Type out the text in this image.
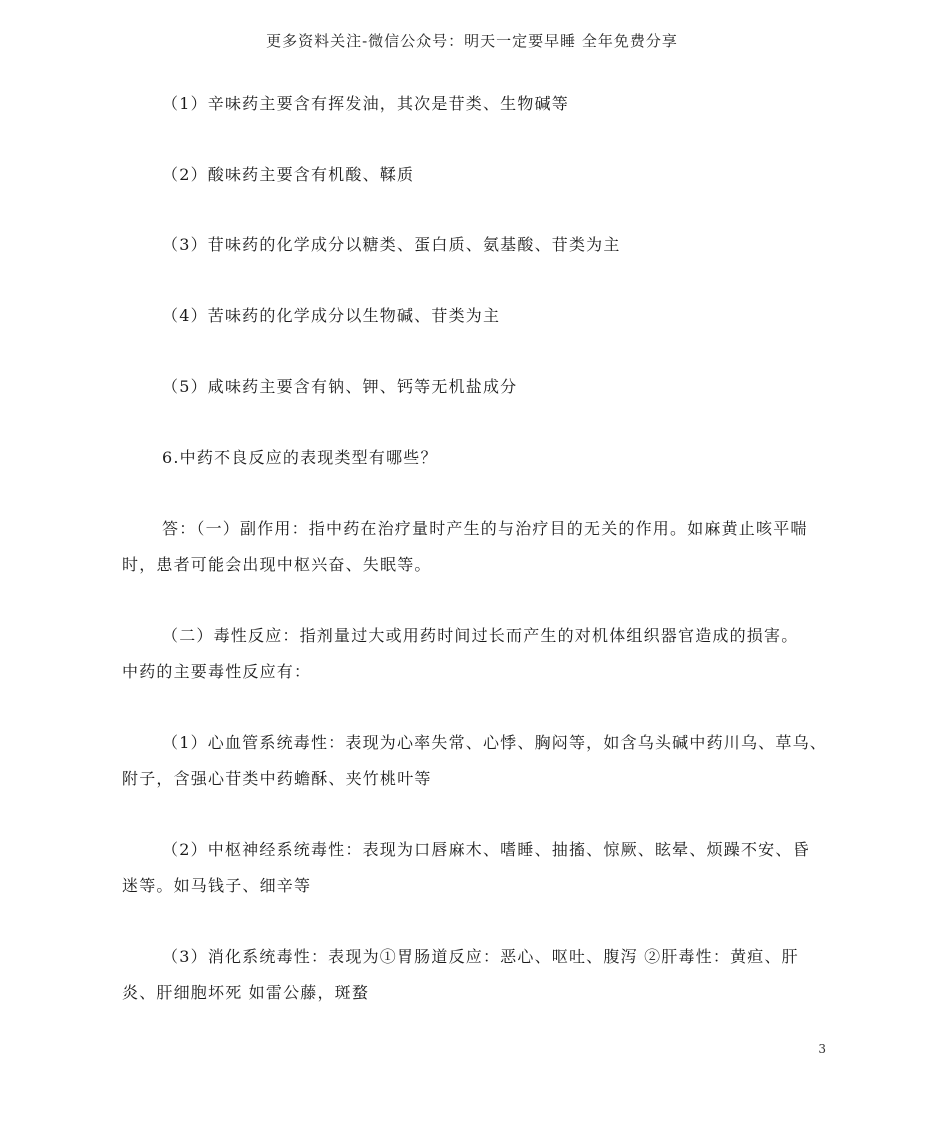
更多资料关注-微信公众号：明天一定要早睡 全年免费分享
（1）辛味药主要含有挥发油，其次是苷类、生物碱等
（2）酸味药主要含有机酸、鞣质
（3）苷味药的化学成分以糖类、蛋白质、氨基酸、苷类为主
（4）苦味药的化学成分以生物碱、苷类为主
（5）咸味药主要含有钠、钾、钙等无机盐成分
6.中药不良反应的表现类型有哪些？
答：（一）副作用：指中药在治疗量时产生的与治疗目的无关的作用。如麻黄止咳平喘
时，患者可能会出现中枢兴奋、失眠等。
（二）毒性反应：指剂量过大或用药时间过长而产生的对机体组织器官造成的损害。
中药的主要毒性反应有：
（1）心血管系统毒性：表现为心率失常、心悸、胸闷等，如含乌头碱中药川乌、草乌、
附子，含强心苷类中药蟾酥、夹竹桃叶等
（2）中枢神经系统毒性：表现为口唇麻木、嗜睡、抽搐、惊厥、眩晕、烦躁不安、昏
迷等。如马钱子、细辛等
（3）消化系统毒性：表现为①胃肠道反应：恶心、呕吐、腹泻 ②肝毒性：黄疸、肝
炎、肝细胞坏死 如雷公藤，斑蝥
3
